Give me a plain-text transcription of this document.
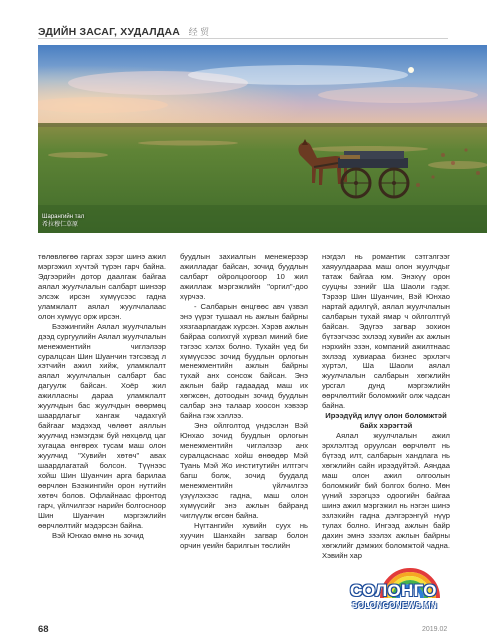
ЭДИЙН ЗАСАГ, ХУДАЛДАА 经 贸
Шарангийн тал
希拉穆仁草原

төлөвлөгөө гаргах зэрэг шинэ ажил мэргэжил хүчтэй түрэн гарч байна. Эдгээрийн дотор даалгаж байгаа аялал жуулчлалын салбарт шинээр элсэж ирсэн хүмүүсээс гадна уламжлалт аялал жуулчлалаас олон хүмүүс орж ирсэн.

Бээжингийн Аялал жуулчлалын дээд сургуулийн Аялал жуулчлалын менежментийн чиглэлээр суралцсан Шин Шуанчин тэгсэвэд л хэтчийн ажил хийж, уламжлалт аялал жуулчлалын салбарт бас дагуулж байсан. Хоёр жил ажилласны дараа уламжлалт жуулчдын бас жуулчдын өөөрмөц шаардлагыг хангаж чадахгүй байгааг мэдэхэд чөлөөт аяллын жуулчид нэмэгдэж буй нөхцөлд цаг хугацаа өнгөрөх тусам маш олон жуулчид "Хувийн хөтөч" авах шаардлагатай болсон. Түүнээс хойш Шин Шуанчин арга барилаа өөрчлөн Бээжингийн орон нутгийн хөтөч болов. Офлайнаас фронтод гарч, үйлчилгээг нарийн болгосноор Шин Шуанчин мэргэжлийн өөрчлөлтийг мэдэрсэн байна.

Вэй Юнхао өмнө нь зочид

буудлын захиалгын менежерээр ажилладаг байсан, зочид буудлын салбарт ойролцоогоор 10 жил ажиллаж мэргэжлийн "оргил"-доо хүрчээ.

- Салбарын өнцгөөс авч үзвэл энэ үүрэг тушаал нь ажлын байрны хязгаарлагдаж хүрсэн. Хэрэв ажлын байраа солихгүй хүрвэл миний бие тэгээс хэлэх болно. Тухайн үед би хүмүүсээс зочид буудлын орлогын менежментийн ажлын байрны тухай анх сонсож байсан. Энэ ажлын байр гадаадад маш их хөгжсөн, дотоодын зочид буудлын салбар энэ талаар хоосон хэвээр байна гэж хэллээ.

Энэ ойлголтод үндэслэн Вэй Юнхао зочид буудлын орлогын менежментийн чиглэлээр анх суралцаснаас хойш өнөөдөр Мэй Туань Мэй Жо институтийн илтгэгч багш болж, зочид буудалд менежментийн үйлчилгээ үзүүлэхээс гадна, маш олон хүмүүсийг энэ ажлын байранд чиглүүлж өгсөн байна.

Нүгтангийн хувийн суух нь хуучин Шанхайн загвар болон орчин үеийн барилгын төслийн

нэгдэл нь романтик сэтгэлгээг хаяуулдаараа маш олон жуулчдыг татаж байгаа юм. Энэхүү орон сууцны эзнийг Ша Шаоли гэдэг. Тэрээр Шин Шуанчин, Вэй Юнхао нартай адилгүй, аялал жуулчлалын салбарын тухай ямар ч ойлголтгүй байсан. Эдүгээ загвар зохион бүтээгчээс эхлээд хувийн ах ажлын нэрхийн эзэн, компаний ажилтнаас эхлээд хувиараа бизнес эрхлэгч хүртэл, Ша Шаоли аялал жуулчлалын салбарын хөгжлийн урсгал дунд мэргэжлийн өөрчлөлтийг боломжийг олж чадсан байна.

Ирээдүйд илүү олон боломжтэй байх хэрэгтэй

Аялал жуулчлалын ажил эрхлэлтэд оруулсан өөрчлөлт нь бүтээд илт, салбарын хандлага нь хөгжлийн сайн ирээдүйтэй. Аяндаа маш олон ажил олгоолын боломжийг бий болгох болно. Мөн үүний зэрэгцээ одоогийн байгаа шинэ ажил мэргэжил нь нэгэн шинэ эзлэхийн гадна дэлгэрэнгүй нүүр тулах болно. Ингээд ажлын байр дахин эмнэ зээлэх ажлын байрны хөгжлийг дэмжих боломжтой чадна. Хэвийн хар

СОЛОНГО
SOLONGONEWS.MN
68	2019.02
